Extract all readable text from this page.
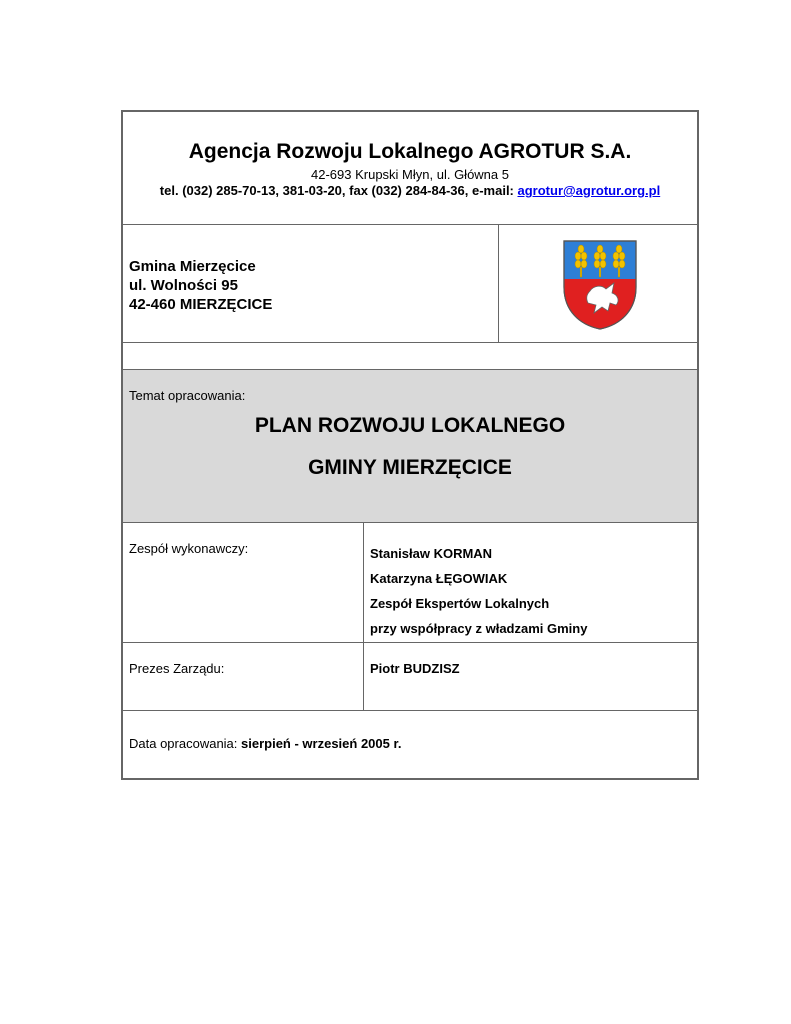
Agencja Rozwoju Lokalnego AGROTUR S.A.
42-693 Krupski Młyn, ul. Główna 5
tel. (032) 285-70-13, 381-03-20, fax (032) 284-84-36, e-mail: agrotur@agrotur.org.pl
Gmina Mierzęcice
ul. Wolności 95
42-460 MIERZĘCICE
Temat opracowania:
PLAN ROZWOJU LOKALNEGO
GMINY MIERZĘCICE
Zespół wykonawczy:	Stanisław KORMAN
Katarzyna ŁĘGOWIAK
Zespół Ekspertów Lokalnych
przy współpracy z władzami Gminy
Prezes Zarządu:	Piotr BUDZISZ
Data opracowania: sierpień - wrzesień 2005 r.
